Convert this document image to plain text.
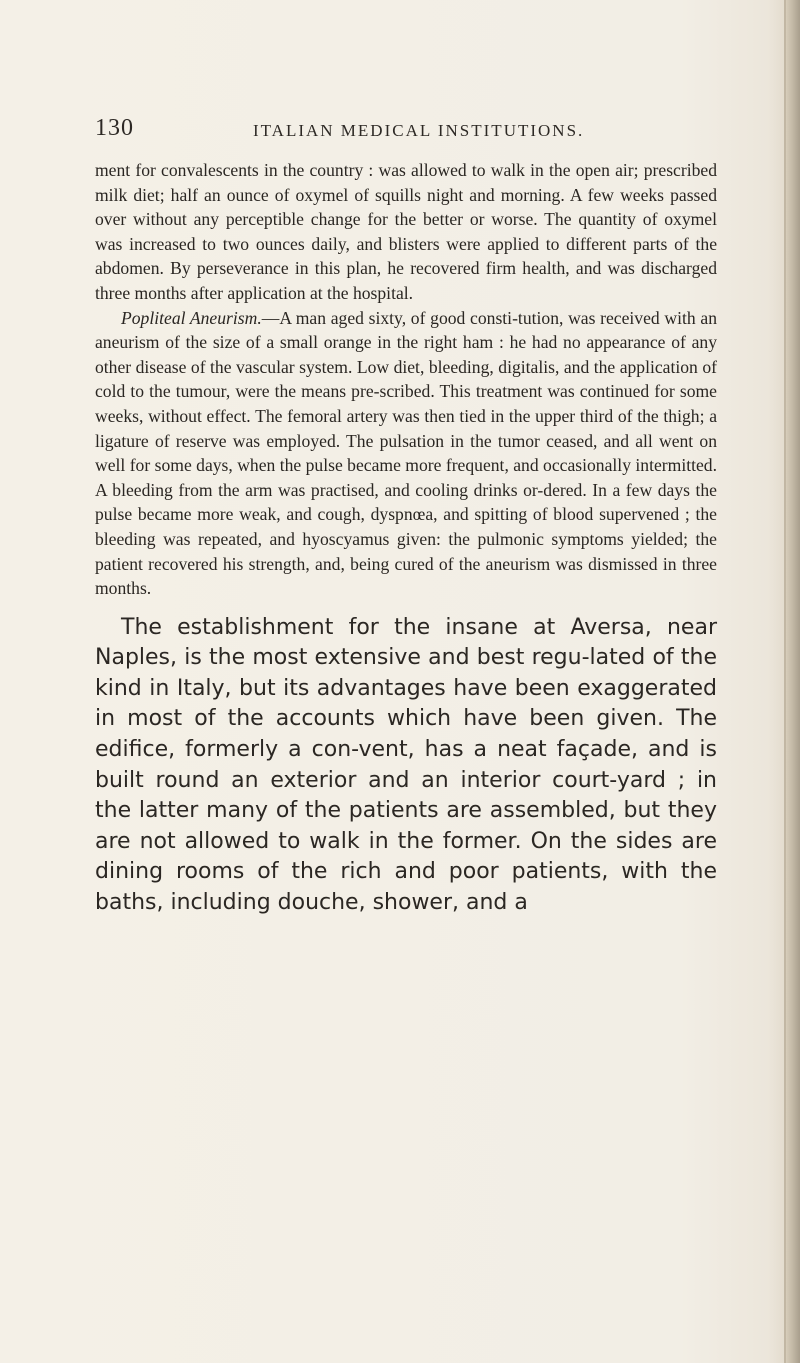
130	ITALIAN MEDICAL INSTITUTIONS.

ment for convalescents in the country : was allowed to walk in the open air; prescribed milk diet; half an ounce of oxymel of squills night and morning. A few weeks passed over without any perceptible change for the better or worse. The quantity of oxymel was increased to two ounces daily, and blisters were applied to different parts of the abdomen. By perseverance in this plan, he recovered firm health, and was discharged three months after application at the hospital.

Popliteal Aneurism.—A man aged sixty, of good consti-tution, was received with an aneurism of the size of a small orange in the right ham : he had no appearance of any other disease of the vascular system. Low diet, bleeding, digitalis, and the application of cold to the tumour, were the means pre-scribed. This treatment was continued for some weeks, without effect. The femoral artery was then tied in the upper third of the thigh; a ligature of reserve was employed. The pulsation in the tumor ceased, and all went on well for some days, when the pulse became more frequent, and occasionally intermitted. A bleeding from the arm was practised, and cooling drinks or-dered. In a few days the pulse became more weak, and cough, dyspnœa, and spitting of blood supervened ; the bleeding was repeated, and hyoscyamus given: the pulmonic symptoms yielded; the patient recovered his strength, and, being cured of the aneurism was dismissed in three months.

The establishment for the insane at Aversa, near Naples, is the most extensive and best regu-lated of the kind in Italy, but its advantages have been exaggerated in most of the accounts which have been given. The edifice, formerly a con-vent, has a neat façade, and is built round an exterior and an interior court-yard ; in the latter many of the patients are assembled, but they are not allowed to walk in the former. On the sides are dining rooms of the rich and poor patients, with the baths, including douche, shower, and a
